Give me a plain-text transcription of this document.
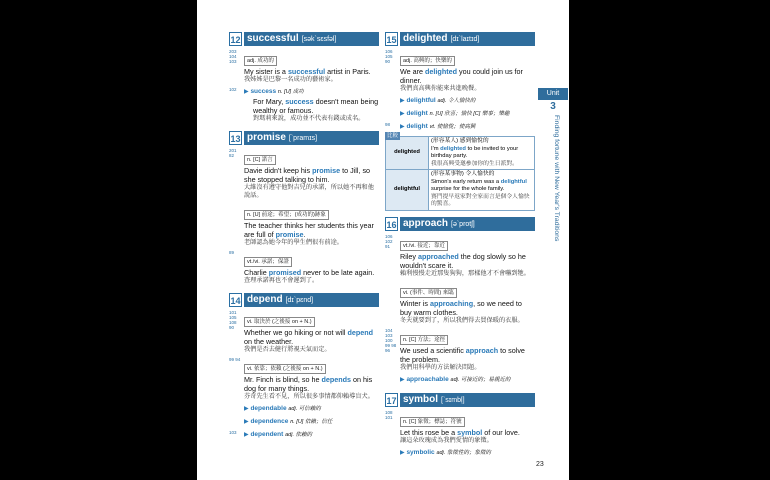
12 successful [sək`sɛsfəl]
203 104 103	adj. 成功的
My sister is a successful artist in Paris.
我姊姊是巴黎一名成功的藝術家。
102	▶ success n. [U] 成功
For Mary, success doesn't mean being wealthy or famous.
對瑪莉來說，成功並不代表有錢或成名。
13 promise [`pramɪs]
201 82
n. [C] 諾言
Davie didn't keep his promise to Jill, so she stopped talking to him.
大維沒有遵守他對吉兒的承諾，所以她不再和他說話。
n. [U] 前途；希望；(成功的)跡象
The teacher thinks her students this year are full of promise.
老師認為她今年的學生們很有前途。
89
vt./vi. 承諾；保證
Charlie promised never to be late again.
查理承諾再也不會遲到了。
14 depend [dɪ`pɛnd]
101 105 108 90
vi. 取決於 (之後接 on + N.)
Whether we go hiking or not will depend on the weather.
我們是否去健行將視天氣而定。
99 94
vi. 依靠；依賴 (之後接 on + N.)
Mr. Finch is blind, so he depends on his dog for many things.
芬奇先生看不見，所以很多事情都仰賴導盲犬。
▶ dependable adj. 可信賴的
▶ dependence n. [U] 依賴；信任
103	▶ dependent adj. 依賴的
15 delighted [dɪ`laɪtɪd]
106 105 90	adj. 高興的；快樂的
We are delighted you could join us for dinner.
我們真高興你能來共進晚餐。
▶ delightful adj. 令人愉快的
▶ delight n. [U] 欣喜；愉快 [C] 樂事；樂趣
98	▶ delight vt. 使愉悅；使高興
比較
delighted	(形容某人) 感到愉悅的
I'm delighted to be invited to your birthday party.
我很高興受邀參加你的生日派對。

delightful	(形容某事物) 令人愉快的
Simon's early return was a delightful surprise for the whole family.
賽門提早返家對全家而言是個令人愉快的驚喜。
16 approach [ə`protʃ]
106 102 91	vt./vi. 接近；靠近
Riley approached the dog slowly so he wouldn't scare it.
賴利慢慢走近那隻狗狗，那樣他才不會嚇到牠。
vi. (事件、時間) 來臨
Winter is approaching, so we need to buy warm clothes.
冬天就要到了，所以我們得去買保暖的衣服。
104 103 100 99 98 96
n. [C] 方法；途徑
We used a scientific approach to solve the problem.
我們用科學的方法解決問題。
▶ approachable adj. 可接近的；易親近的
17 symbol [`sɪmbl̩]
108 101
n. [C] 象徵；標誌；符號
Let this rose be a symbol of our love.
讓這朵玫瑰成為我們愛情的象徵。
▶ symbolic adj. 象徵性的；象徵的
Unit
3
Finding fortune with New Year's Traditions
23
